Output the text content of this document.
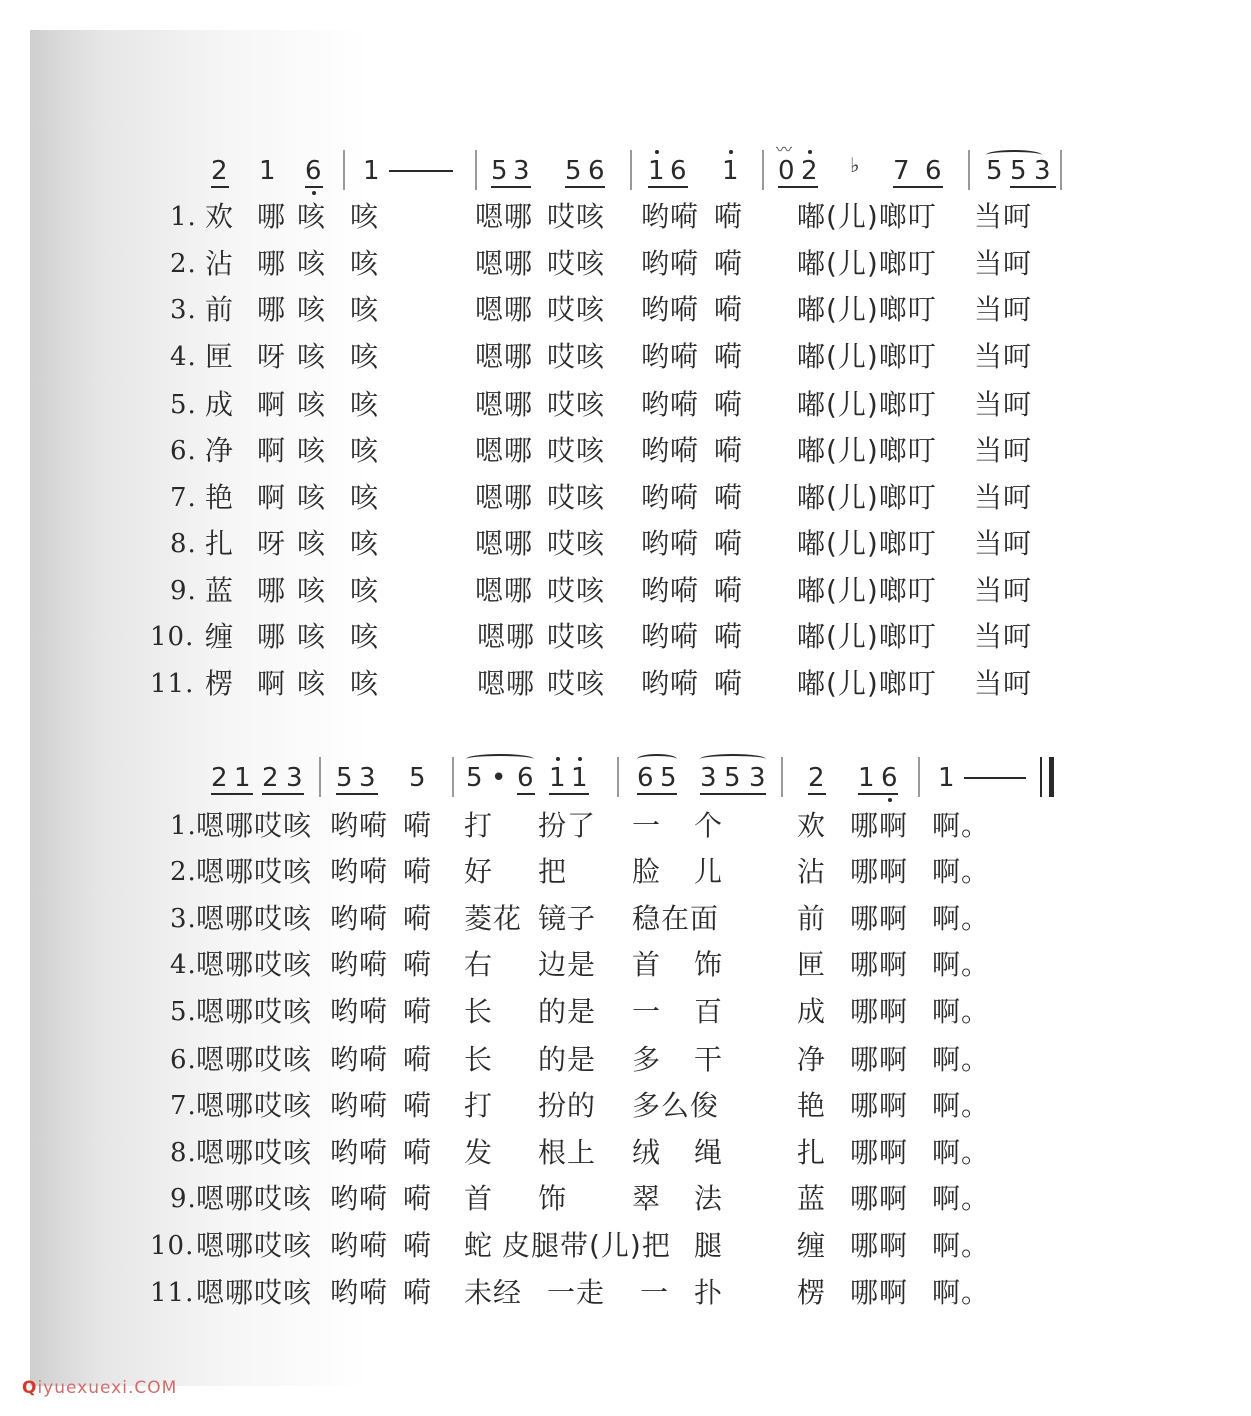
2 1 6 1	5 3 5 6 1 6 1
〰
0 2 ♭ 7 6 5 5 3
1. 欢 哪 咳 咳	嗯哪 哎咳 哟嗬 嗬 嘟(儿)啷叮 当呵
2. 沾 哪 咳 咳	嗯哪 哎咳 哟嗬 嗬 嘟(儿)啷叮 当呵
3. 前 哪 咳 咳	嗯哪 哎咳 哟嗬 嗬 嘟(儿)啷叮 当呵
4. 匣 呀 咳 咳	嗯哪 哎咳 哟嗬 嗬 嘟(儿)啷叮 当呵
5. 成 啊 咳 咳	嗯哪 哎咳 哟嗬 嗬 嘟(儿)啷叮 当呵
6. 净 啊 咳 咳	嗯哪 哎咳 哟嗬 嗬 嘟(儿)啷叮 当呵
7. 艳 啊 咳 咳	嗯哪 哎咳 哟嗬 嗬 嘟(儿)啷叮 当呵
8. 扎 呀 咳 咳	嗯哪 哎咳 哟嗬 嗬 嘟(儿)啷叮 当呵
9. 蓝 哪 咳 咳	嗯哪 哎咳 哟嗬 嗬 嘟(儿)啷叮 当呵
10. 缠 哪 咳 咳	嗯哪 哎咳 哟嗬 嗬 嘟(儿)啷叮 当呵
11. 楞 啊 咳 咳	嗯哪 哎咳 哟嗬 嗬 嘟(儿)啷叮 当呵
2 1 2 3 5 3 5 5 • 6 1 1 6 5 3 5 3 2 1 6 1
1. 嗯哪哎咳 哟嗬 嗬 打 扮了 一 个	欢 哪啊 啊。
2. 嗯哪哎咳 哟嗬 嗬 好 把 脸 儿	沾 哪啊 啊。
3. 嗯哪哎咳 哟嗬 嗬 菱花 镜子 稳在面	前 哪啊 啊。
4. 嗯哪哎咳 哟嗬 嗬 右 边是 首 饰	匣 哪啊 啊。
5. 嗯哪哎咳 哟嗬 嗬 长 的是 一 百	成 哪啊 啊。
6. 嗯哪哎咳 哟嗬 嗬 长 的是 多 干	净 哪啊 啊。
7. 嗯哪哎咳 哟嗬 嗬 打 扮的 多么俊	艳 哪啊 啊。
8. 嗯哪哎咳 哟嗬 嗬 发 根上 绒 绳	扎 哪啊 啊。
9. 嗯哪哎咳 哟嗬 嗬 首 饰 翠 法	蓝 哪啊 啊。
10. 嗯哪哎咳 哟嗬 嗬 蛇 皮腿带(儿)把 腿	缠 哪啊 啊。
11. 嗯哪哎咳 哟嗬 嗬 未经 一走 一 扑	楞 哪啊 啊。
Qiyuexuexi.COM
